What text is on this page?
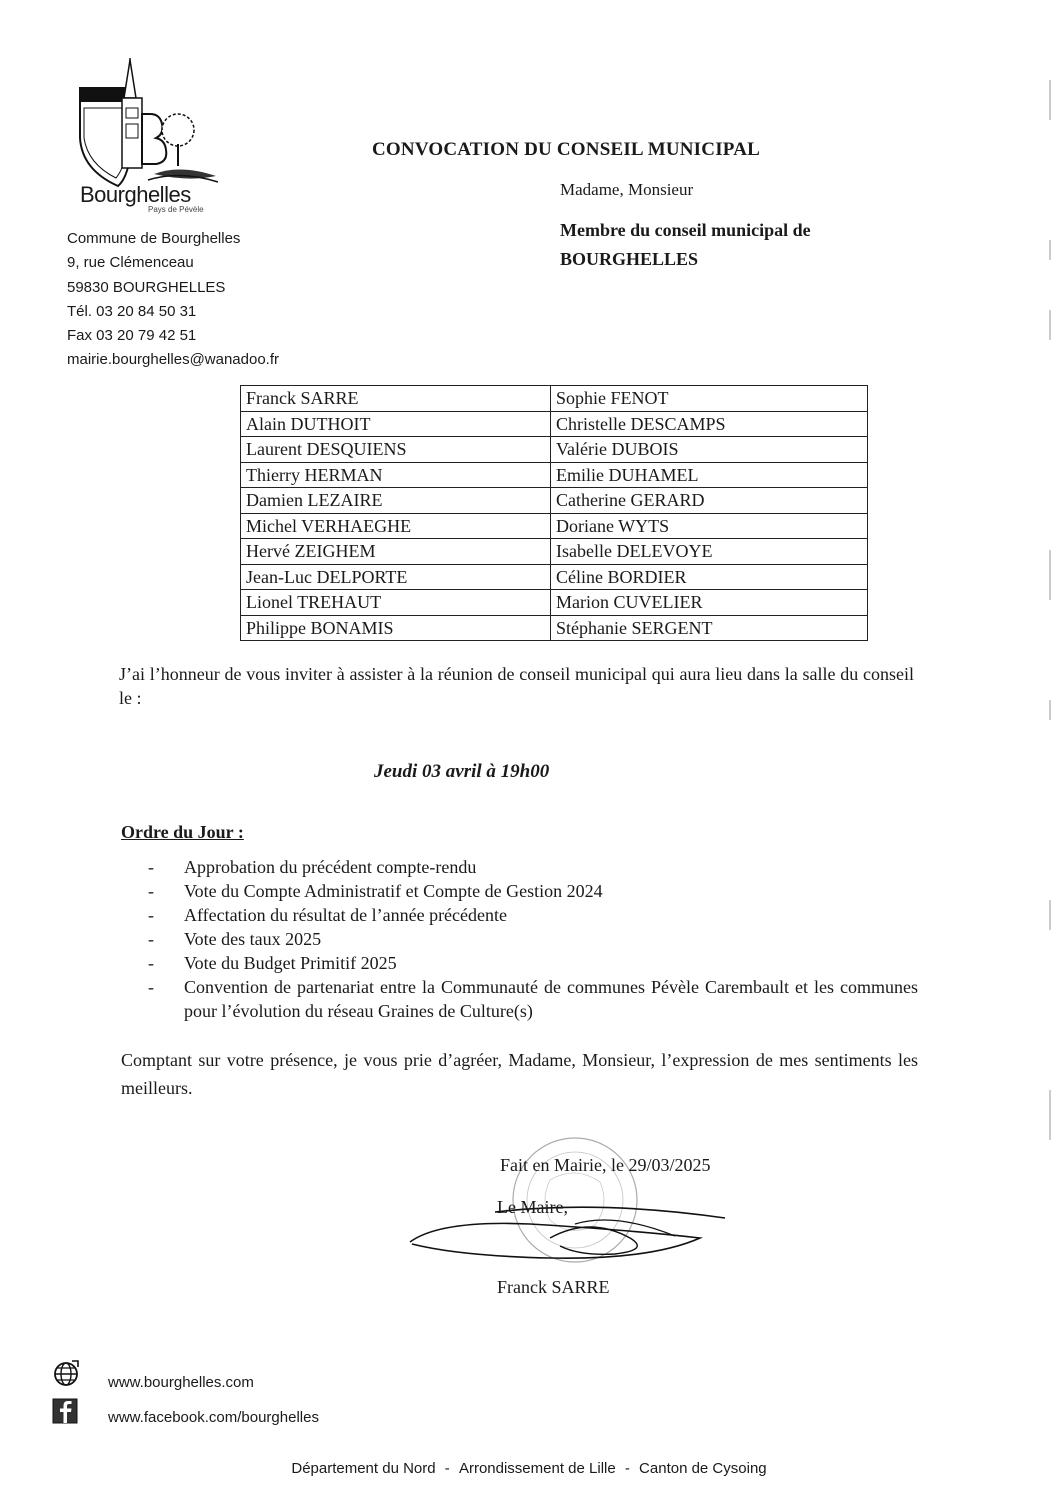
Bourghelles
Pays de Pévèle
Commune de Bourghelles
9, rue Clémenceau
59830 BOURGHELLES
Tél. 03 20 84 50 31
Fax 03 20 79 42 51
mairie.bourghelles@wanadoo.fr
CONVOCATION DU CONSEIL MUNICIPAL
Madame, Monsieur
Membre du conseil municipal de
BOURGHELLES
Franck SARRE	Sophie FENOT
Alain DUTHOIT	Christelle DESCAMPS
Laurent DESQUIENS	Valérie DUBOIS
Thierry HERMAN	Emilie DUHAMEL
Damien LEZAIRE	Catherine GERARD
Michel VERHAEGHE	Doriane WYTS
Hervé ZEIGHEM	Isabelle DELEVOYE
Jean-Luc DELPORTE	Céline BORDIER
Lionel TREHAUT	Marion CUVELIER
Philippe BONAMIS	Stéphanie SERGENT
J’ai l’honneur de vous inviter à assister à la réunion de conseil municipal qui aura lieu dans la salle du conseil le :
Jeudi 03 avril à 19h00
Ordre du Jour :
- Approbation du précédent compte-rendu
- Vote du Compte Administratif et Compte de Gestion 2024
- Affectation du résultat de l’année précédente
- Vote des taux 2025
- Vote du Budget Primitif 2025
- Convention de partenariat entre la Communauté de communes Pévèle Carembault et les communes pour l’évolution du réseau Graines de Culture(s)
Comptant sur votre présence, je vous prie d’agréer, Madame, Monsieur, l’expression de mes sentiments les meilleurs.
Fait en Mairie, le 29/03/2025
Le Maire,
Franck SARRE
www.bourghelles.com
www.facebook.com/bourghelles
Département du Nord - Arrondissement de Lille - Canton de Cysoing
